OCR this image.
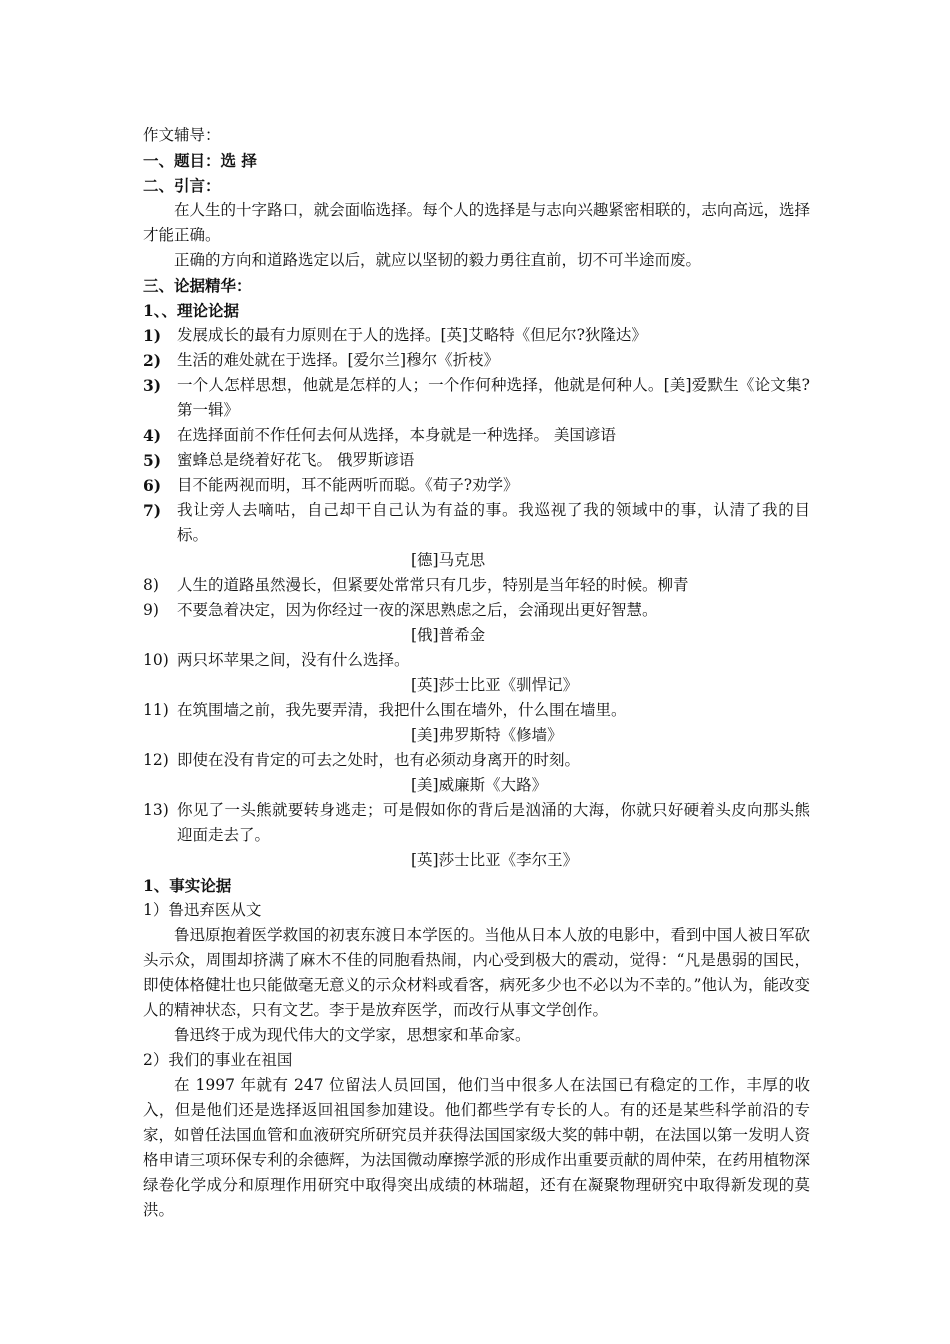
作文辅导：
一、题目：选 择
二、引言：
在人生的十字路口，就会面临选择。每个人的选择是与志向兴趣紧密相联的，志向高远，选择才能正确。
正确的方向和道路选定以后，就应以坚韧的毅力勇往直前，切不可半途而废。
三、论据精华：
1、、理论论据
1)	发展成长的最有力原则在于人的选择。[英]艾略特《但尼尔?狄隆达》
2)	生活的难处就在于选择。[爱尔兰]穆尔《折枝》
3)	一个人怎样思想，他就是怎样的人；一个作何种选择，他就是何种人。[美]爱默生《论文集?第一辑》
4)	在选择面前不作任何去何从选择，本身就是一种选择。 美国谚语
5)	蜜蜂总是绕着好花飞。 俄罗斯谚语
6)	目不能两视而明，耳不能两听而聪。《荀子?劝学》
7)	我让旁人去嘀咕，自己却干自己认为有益的事。我巡视了我的领域中的事，认清了我的目标。
[德]马克思
8)	人生的道路虽然漫长，但紧要处常常只有几步，特别是当年轻的时候。柳青
9)	不要急着决定，因为你经过一夜的深思熟虑之后，会涌现出更好智慧。
[俄]普希金
10) 两只坏苹果之间，没有什么选择。
[英]莎士比亚《驯悍记》
11) 在筑围墙之前，我先要弄清，我把什么围在墙外，什么围在墙里。
[美]弗罗斯特《修墙》
12) 即使在没有肯定的可去之处时，也有必须动身离开的时刻。
[美]威廉斯《大路》
13) 你见了一头熊就要转身逃走；可是假如你的背后是汹涌的大海，你就只好硬着头皮向那头熊迎面走去了。
[英]莎士比亚《李尔王》
1、事实论据
1）鲁迅弃医从文
鲁迅原抱着医学救国的初衷东渡日本学医的。当他从日本人放的电影中，看到中国人被日军砍头示众，周围却挤满了麻木不佳的同胞看热闹，内心受到极大的震动，觉得：“凡是愚弱的国民，即使体格健壮也只能做毫无意义的示众材料或看客，病死多少也不必以为不幸的。”他认为，能改变人的精神状态，只有文艺。李于是放弃医学，而改行从事文学创作。
鲁迅终于成为现代伟大的文学家，思想家和革命家。
2）我们的事业在祖国
在 1997 年就有 247 位留法人员回国，他们当中很多人在法国已有稳定的工作，丰厚的收入，但是他们还是选择返回祖国参加建设。他们都些学有专长的人。有的还是某些科学前沿的专家，如曾任法国血管和血液研究所研究员并获得法国国家级大奖的韩中朝，在法国以第一发明人资格申请三项环保专利的余德辉，为法国微动摩擦学派的形成作出重要贡献的周仲荣，在药用植物深绿卷化学成分和原理作用研究中取得突出成绩的林瑞超，还有在凝聚物理研究中取得新发现的莫洪。
